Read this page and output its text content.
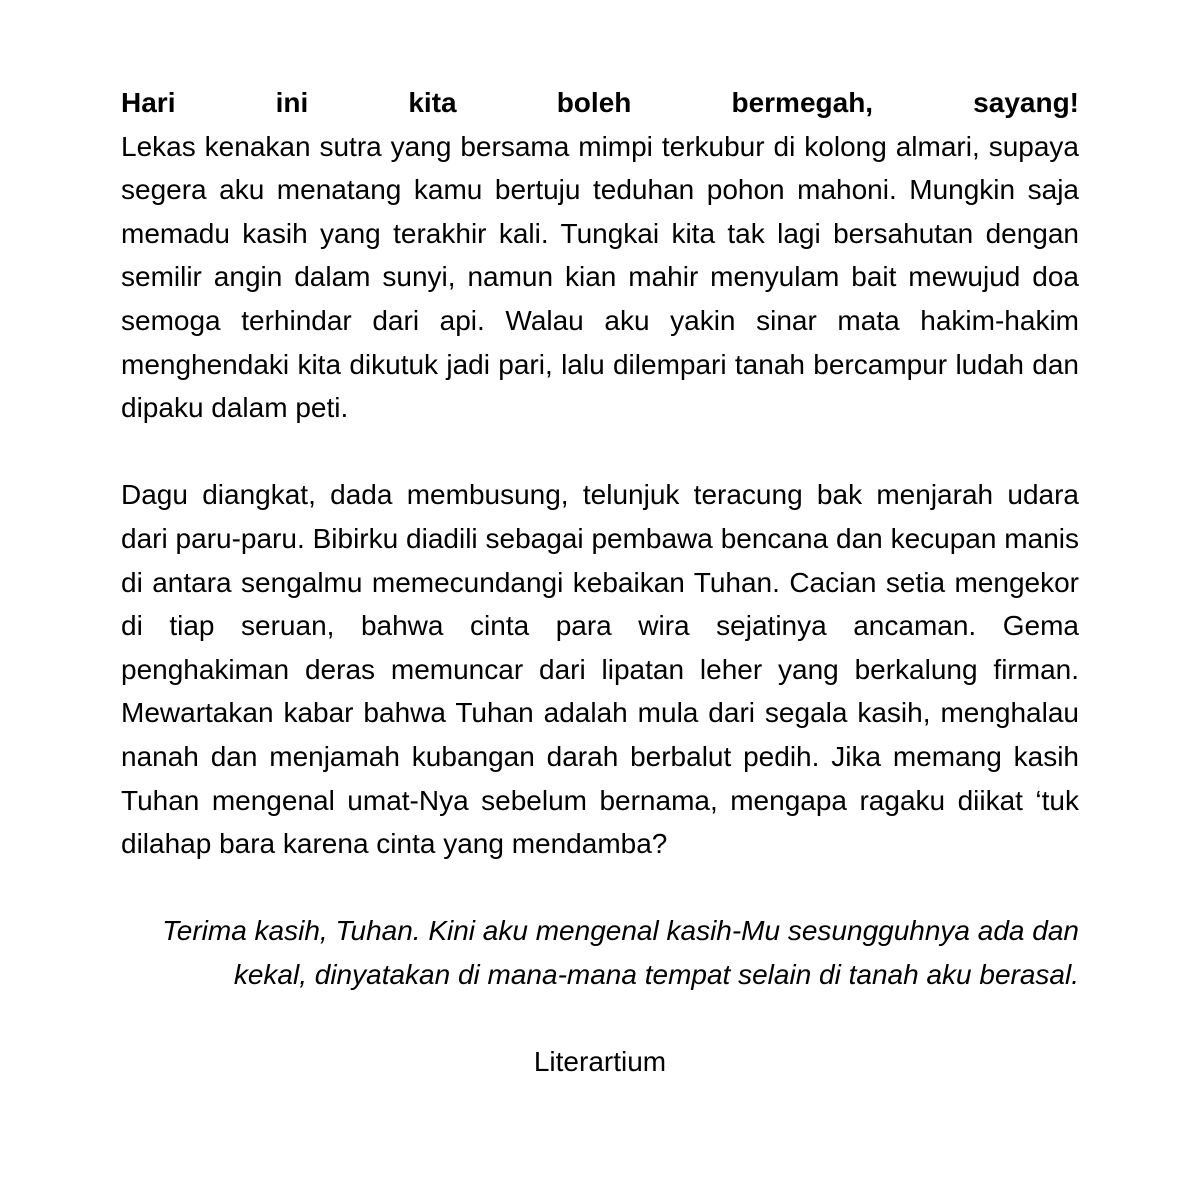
Hari ini kita boleh bermegah, sayang!
Lekas kenakan sutra yang bersama mimpi terkubur di kolong almari, supaya segera aku menatang kamu bertuju teduhan pohon mahoni. Mungkin saja memadu kasih yang terakhir kali. Tungkai kita tak lagi bersahutan dengan semilir angin dalam sunyi, namun kian mahir menyulam bait mewujud doa semoga terhindar dari api. Walau aku yakin sinar mata hakim-hakim menghendaki kita dikutuk jadi pari, lalu dilempari tanah bercampur ludah dan dipaku dalam peti.

Dagu diangkat, dada membusung, telunjuk teracung bak menjarah udara dari paru-paru. Bibirku diadili sebagai pembawa bencana dan kecupan manis di antara sengalmu memecundangi kebaikan Tuhan. Cacian setia mengekor di tiap seruan, bahwa cinta para wira sejatinya ancaman. Gema penghakiman deras memuncar dari lipatan leher yang berkalung firman. Mewartakan kabar bahwa Tuhan adalah mula dari segala kasih, menghalau nanah dan menjamah kubangan darah berbalut pedih. Jika memang kasih Tuhan mengenal umat-Nya sebelum bernama, mengapa ragaku diikat ‘tuk dilahap bara karena cinta yang mendamba?

Terima kasih, Tuhan. Kini aku mengenal kasih-Mu sesungguhnya ada dan kekal, dinyatakan di mana-mana tempat selain di tanah aku berasal.

Literartium
